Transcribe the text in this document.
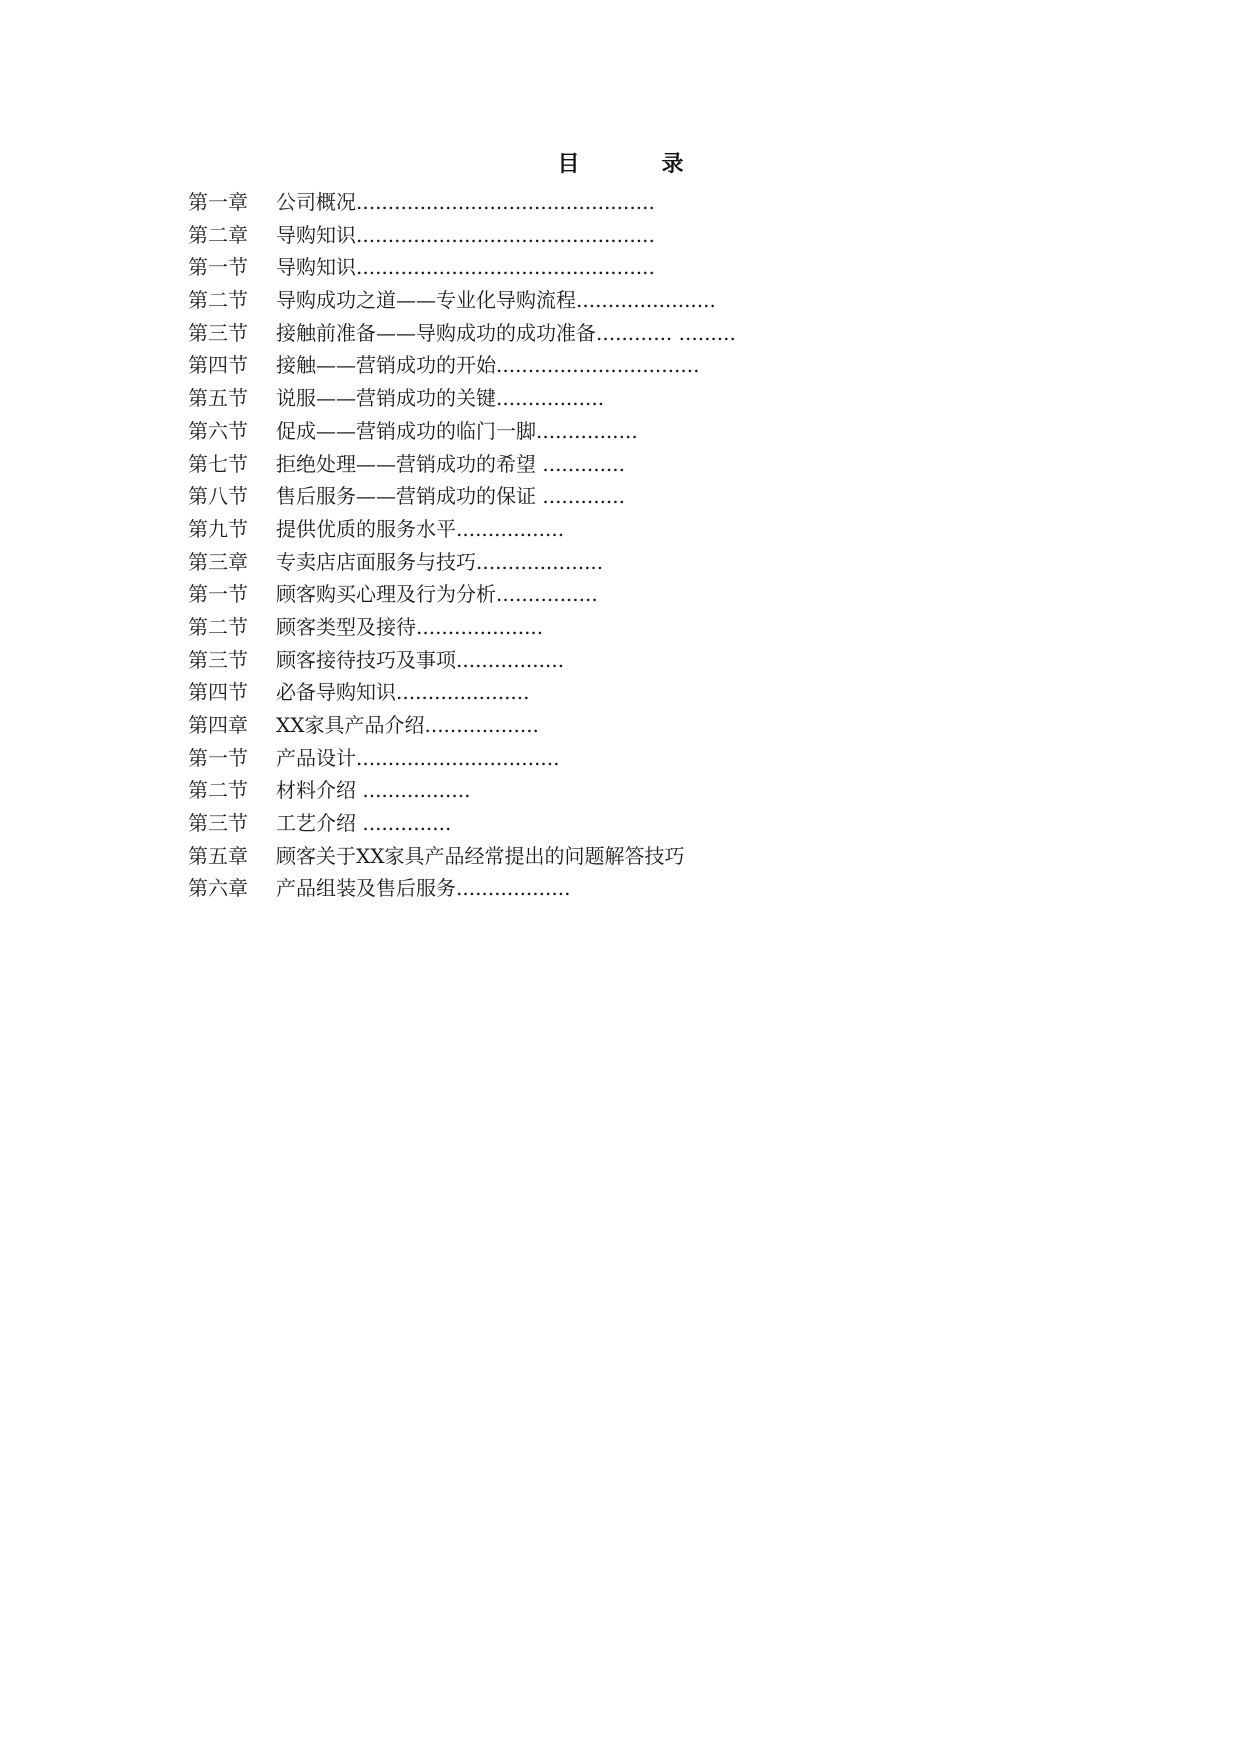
目　录
第一章 公司概况...............................................
第二章 导购知识...............................................
第一节 导购知识...............................................
第二节 导购成功之道——专业化导购流程......................
第三节 接触前准备——导购成功的成功准备............ .........
第四节 接触——营销成功的开始................................
第五节 说服——营销成功的关键.................
第六节 促成——营销成功的临门一脚................
第七节 拒绝处理——营销成功的希望 .............
第八节 售后服务——营销成功的保证 .............
第九节 提供优质的服务水平.................
第三章 专卖店店面服务与技巧....................
第一节 顾客购买心理及行为分析................
第二节 顾客类型及接待....................
第三节 顾客接待技巧及事项.................
第四节 必备导购知识.....................
第四章 XX家具产品介绍..................
第一节 产品设计................................
第二节 材料介绍 .................
第三节 工艺介绍 ..............
第五章 顾客关于XX家具产品经常提出的问题解答技巧
第六章 产品组装及售后服务..................
